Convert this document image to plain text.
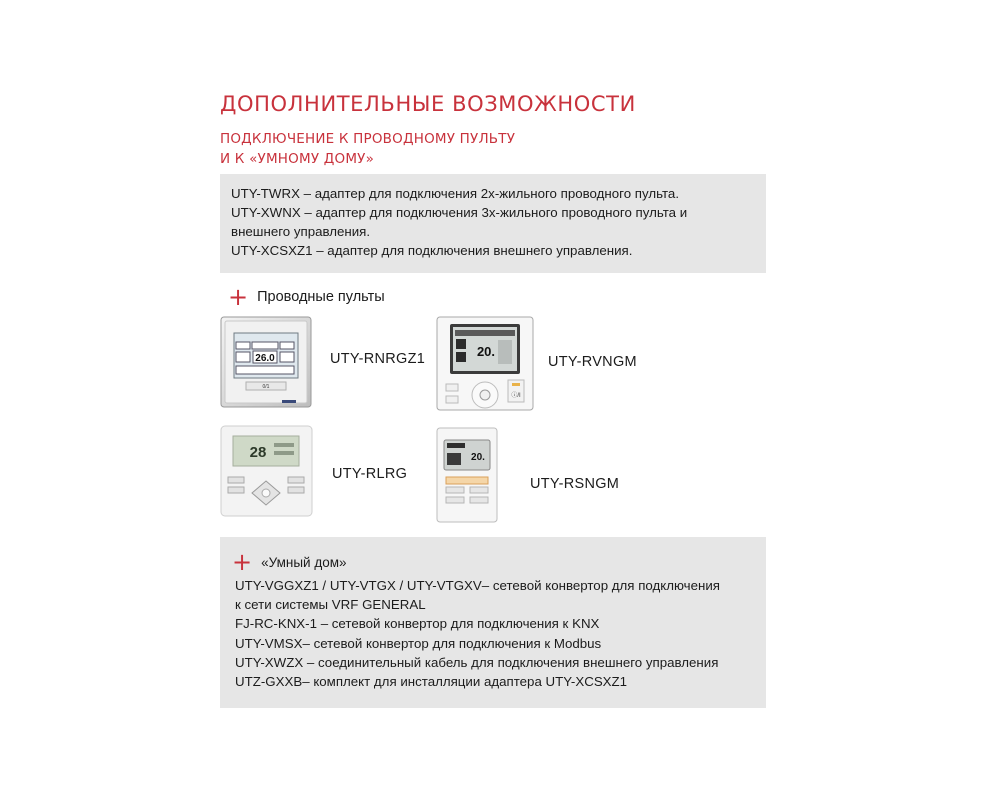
ДОПОЛНИТЕЛЬНЫЕ ВОЗМОЖНОСТИ
ПОДКЛЮЧЕНИЕ К ПРОВОДНОМУ ПУЛЬТУ
И К «УМНОМУ ДОМУ»
UTY-TWRX – адаптер для подключения 2х-жильного проводного пульта.
UTY-XWNX – адаптер для подключения 3х-жильного проводного пульта и
внешнего управления.
UTY-XCSXZ1 – адаптер для подключения внешнего управления.
+ Проводные пульты
26.0
0/1
UTY-RNRGZ1	20.
ⓘ/I
UTY-RVNGM
28
UTY-RLRG
20.
UTY-RSNGM
UTY-VGGXZ1 / UTY-VTGX / UTY-VTGXV– сетевой конвертор для подключения
к сети системы VRF GENERAL
FJ-RC-KNX-1 – сетевой конвертор для подключения к KNX
UTY-VMSX– сетевой конвертор для подключения к Modbus
UTY-XWZX – соединительный кабель для подключения внешнего управления
UTZ-GXXB– комплект для инсталляции адаптера UTY-XCSXZ1
+ «Умный дом»
